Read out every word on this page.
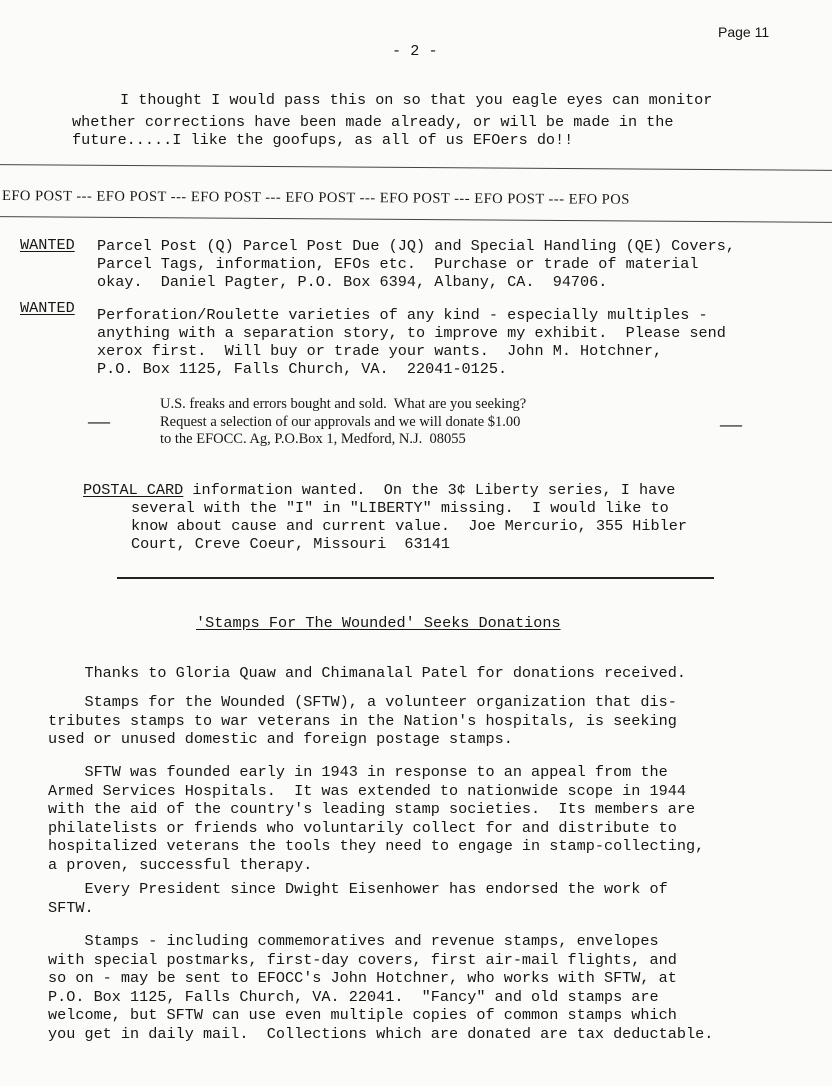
Page 11
- 2 -
I thought I would pass this on so that you eagle eyes can monitor
whether corrections have been made already, or will be made in the
future.....I like the goofups, as all of us EFOers do!!
EFO POST --- EFO POST --- EFO POST --- EFO POST --- EFO POST --- EFO POST --- EFO POS
WANTED Parcel Post (Q) Parcel Post Due (JQ) and Special Handling (QE) Covers,
Parcel Tags, information, EFOs etc.  Purchase or trade of material
okay.  Daniel Pagter, P.O. Box 6394, Albany, CA.  94706.
WANTED Perforation/Roulette varieties of any kind - especially multiples -
anything with a separation story, to improve my exhibit.  Please send
xerox first.  Will buy or trade your wants.  John M. Hotchner,
P.O. Box 1125, Falls Church, VA.  22041-0125.
—
U.S. freaks and errors bought and sold.  What are you seeking?
Request a selection of our approvals and we will donate $1.00
to the EFOCC. Ag, P.O.Box 1, Medford, N.J.  08055
—
POSTAL CARD information wanted.  On the 3¢ Liberty series, I have
several with the "I" in "LIBERTY" missing.  I would like to
know about cause and current value.  Joe Mercurio, 355 Hibler
Court, Creve Coeur, Missouri  63141
'Stamps For The Wounded' Seeks Donations
Thanks to Gloria Quaw and Chimanalal Patel for donations received.
Stamps for the Wounded (SFTW), a volunteer organization that dis-
tributes stamps to war veterans in the Nation's hospitals, is seeking
used or unused domestic and foreign postage stamps.
SFTW was founded early in 1943 in response to an appeal from the
Armed Services Hospitals.  It was extended to nationwide scope in 1944
with the aid of the country's leading stamp societies.  Its members are
philatelists or friends who voluntarily collect for and distribute to
hospitalized veterans the tools they need to engage in stamp-collecting,
a proven, successful therapy.
Every President since Dwight Eisenhower has endorsed the work of
SFTW.
Stamps - including commemoratives and revenue stamps, envelopes
with special postmarks, first-day covers, first air-mail flights, and
so on - may be sent to EFOCC's John Hotchner, who works with SFTW, at
P.O. Box 1125, Falls Church, VA. 22041.  "Fancy" and old stamps are
welcome, but SFTW can use even multiple copies of common stamps which
you get in daily mail.  Collections which are donated are tax deductable.
